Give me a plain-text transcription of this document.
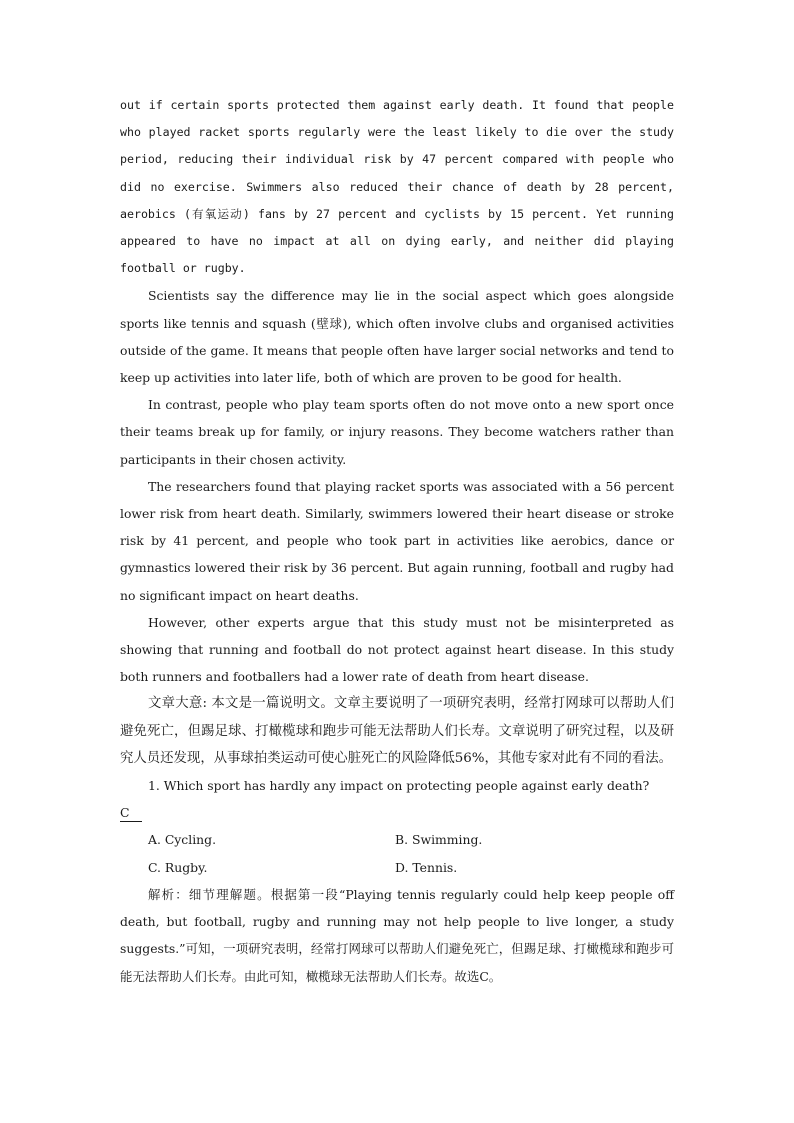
out if certain sports protected them against early death. It found that people who played racket sports regularly were the least likely to die over the study period, reducing their individual risk by 47 percent compared with people who did no exercise. Swimmers also reduced their chance of death by 28 percent, aerobics (有氧运动) fans by 27 percent and cyclists by 15 percent. Yet running appeared to have no impact at all on dying early, and neither did playing football or rugby.

Scientists say the difference may lie in the social aspect which goes alongside sports like tennis and squash (壁球), which often involve clubs and organised activities outside of the game. It means that people often have larger social networks and tend to keep up activities into later life, both of which are proven to be good for health.

In contrast, people who play team sports often do not move onto a new sport once their teams break up for family, or injury reasons. They become watchers rather than participants in their chosen activity.

The researchers found that playing racket sports was associated with a 56 percent lower risk from heart death. Similarly, swimmers lowered their heart disease or stroke risk by 41 percent, and people who took part in activities like aerobics, dance or gymnastics lowered their risk by 36 percent. But again running, football and rugby had no significant impact on heart deaths.

However, other experts argue that this study must not be misinterpreted as showing that running and football do not protect against heart disease. In this study both runners and footballers had a lower rate of death from heart disease.

文章大意: 本文是一篇说明文。文章主要说明了一项研究表明，经常打网球可以帮助人们避免死亡，但踢足球、打橄榄球和跑步可能无法帮助人们长寿。文章说明了研究过程，以及研究人员还发现，从事球拍类运动可使心脏死亡的风险降低56%，其他专家对此有不同的看法。

1. Which sport has hardly any impact on protecting people against early death?

C

A. Cycling.	B. Swimming.
C. Rugby.	D. Tennis.

解析：细节理解题。根据第一段“Playing tennis regularly could help keep people off death, but football, rugby and running may not help people to live longer, a study suggests.”可知，一项研究表明，经常打网球可以帮助人们避免死亡，但踢足球、打橄榄球和跑步可能无法帮助人们长寿。由此可知，橄榄球无法帮助人们长寿。故选C。
